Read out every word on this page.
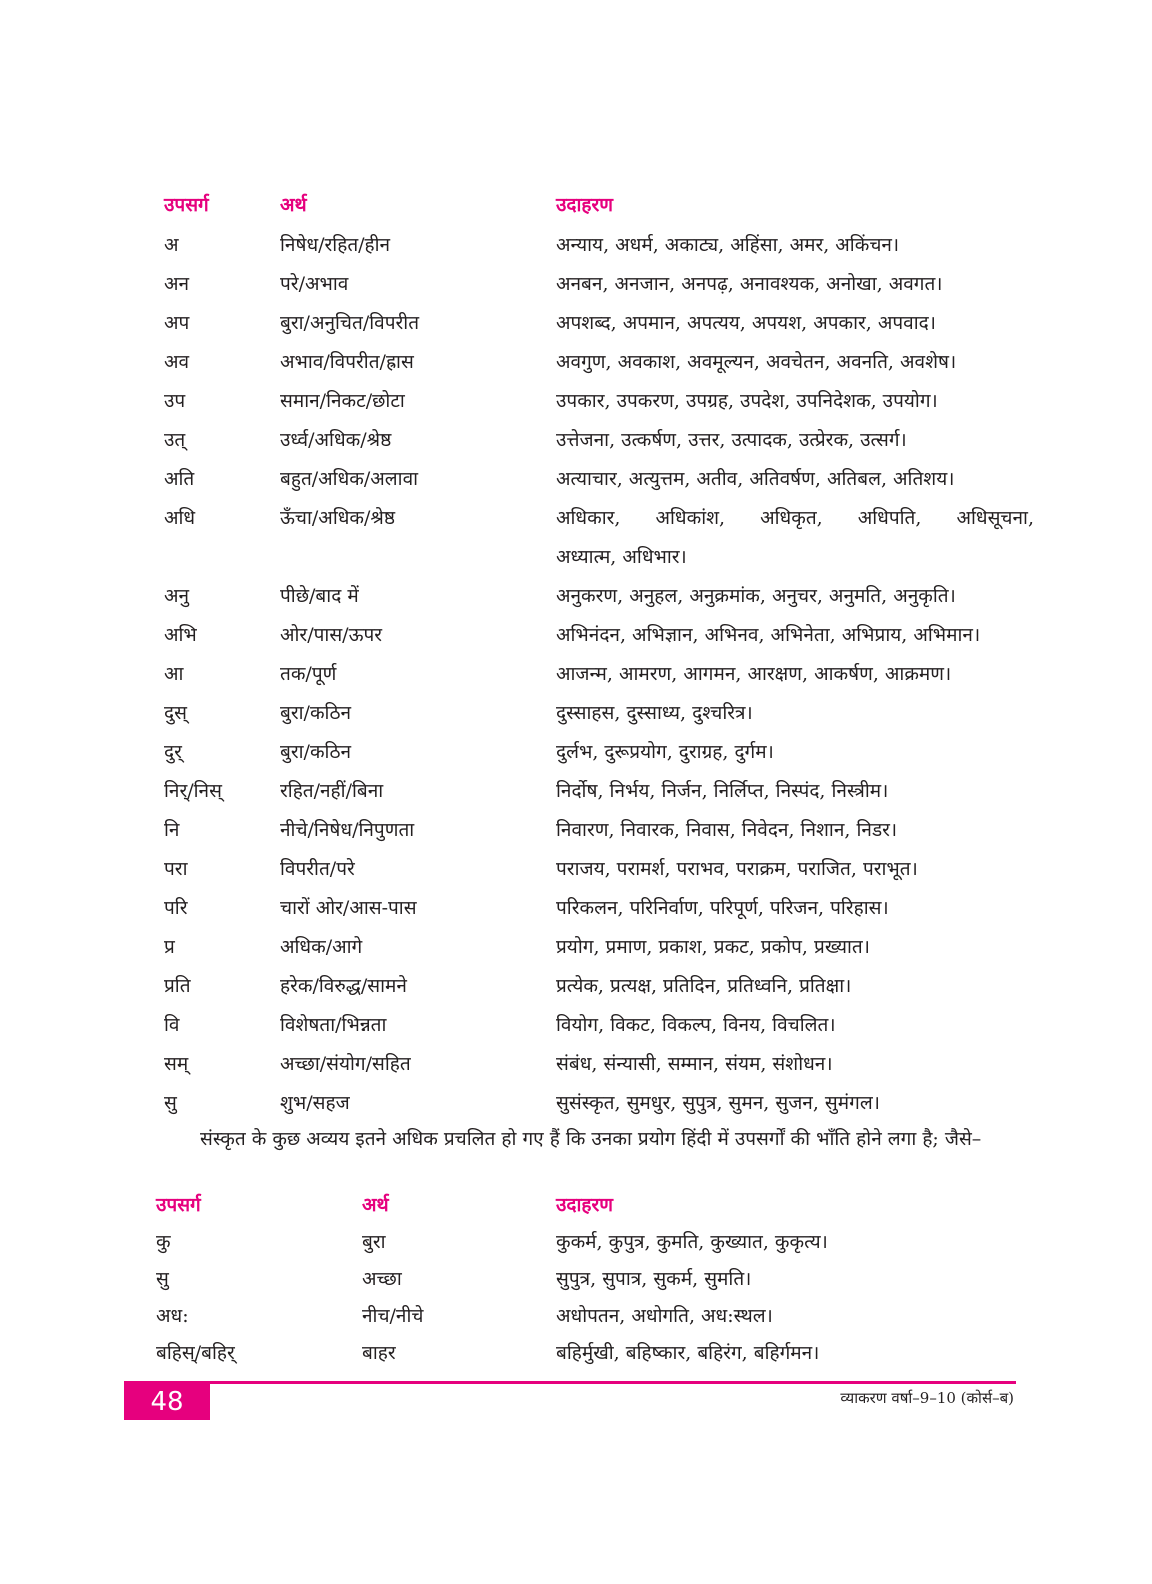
उपसर्ग	अर्थ	उदाहरण
अ	निषेध/रहित/हीन	अन्याय, अधर्म, अकाट्य, अहिंसा, अमर, अकिंचन।
अन	परे/अभाव	अनबन, अनजान, अनपढ़, अनावश्यक, अनोखा, अवगत।
अप	बुरा/अनुचित/विपरीत	अपशब्द, अपमान, अपत्यय, अपयश, अपकार, अपवाद।
अव	अभाव/विपरीत/ह्रास	अवगुण, अवकाश, अवमूल्यन, अवचेतन, अवनति, अवशेष।
उप	समान/निकट/छोटा	उपकार, उपकरण, उपग्रह, उपदेश, उपनिदेशक, उपयोग।
उत्	उर्ध्व/अधिक/श्रेष्ठ	उत्तेजना, उत्कर्षण, उत्तर, उत्पादक, उत्प्रेरक, उत्सर्ग।
अति	बहुत/अधिक/अलावा	अत्याचार, अत्युत्तम, अतीव, अतिवर्षण, अतिबल, अतिशय।
अधि	ऊँचा/अधिक/श्रेष्ठ	अधिकार, अधिकांश, अधिकृत, अधिपति, अधिसूचना,
अध्यात्म, अधिभार।
अनु	पीछे/बाद में	अनुकरण, अनुहल, अनुक्रमांक, अनुचर, अनुमति, अनुकृति।
अभि	ओर/पास/ऊपर	अभिनंदन, अभिज्ञान, अभिनव, अभिनेता, अभिप्राय, अभिमान।
आ	तक/पूर्ण	आजन्म, आमरण, आगमन, आरक्षण, आकर्षण, आक्रमण।
दुस्	बुरा/कठिन	दुस्साहस, दुस्साध्य, दुश्चरित्र।
दुर्	बुरा/कठिन	दुर्लभ, दुरूप्रयोग, दुराग्रह, दुर्गम।
निर्/निस्	रहित/नहीं/बिना	निर्दोष, निर्भय, निर्जन, निर्लिप्त, निस्पंद, निस्त्रीम।
नि	नीचे/निषेध/निपुणता	निवारण, निवारक, निवास, निवेदन, निशान, निडर।
परा	विपरीत/परे	पराजय, परामर्श, पराभव, पराक्रम, पराजित, पराभूत।
परि	चारों ओर/आस-पास	परिकलन, परिनिर्वाण, परिपूर्ण, परिजन, परिहास।
प्र	अधिक/आगे	प्रयोग, प्रमाण, प्रकाश, प्रकट, प्रकोप, प्रख्यात।
प्रति	हरेक/विरुद्ध/सामने	प्रत्येक, प्रत्यक्ष, प्रतिदिन, प्रतिध्वनि, प्रतिक्षा।
वि	विशेषता/भिन्नता	वियोग, विकट, विकल्प, विनय, विचलित।
सम्	अच्छा/संयोग/सहित	संबंध, संन्यासी, सम्मान, संयम, संशोधन।
सु	शुभ/सहज	सुसंस्कृत, सुमधुर, सुपुत्र, सुमन, सुजन, सुमंगल।
संस्कृत के कुछ अव्यय इतने अधिक प्रचलित हो गए हैं कि उनका प्रयोग हिंदी में उपसर्गों की भाँति होने लगा है; जैसे–
उपसर्ग	अर्थ	उदाहरण
कु	बुरा	कुकर्म, कुपुत्र, कुमति, कुख्यात, कुकृत्य।
सु	अच्छा	सुपुत्र, सुपात्र, सुकर्म, सुमति।
अध:	नीच/नीचे	अधोपतन, अधोगति, अध:स्थल।
बहिस्/बहिर्	बाहर	बहिर्मुखी, बहिष्कार, बहिरंग, बहिर्गमन।
48	व्याकरण वर्षा–9–10 (कोर्स–ब)
